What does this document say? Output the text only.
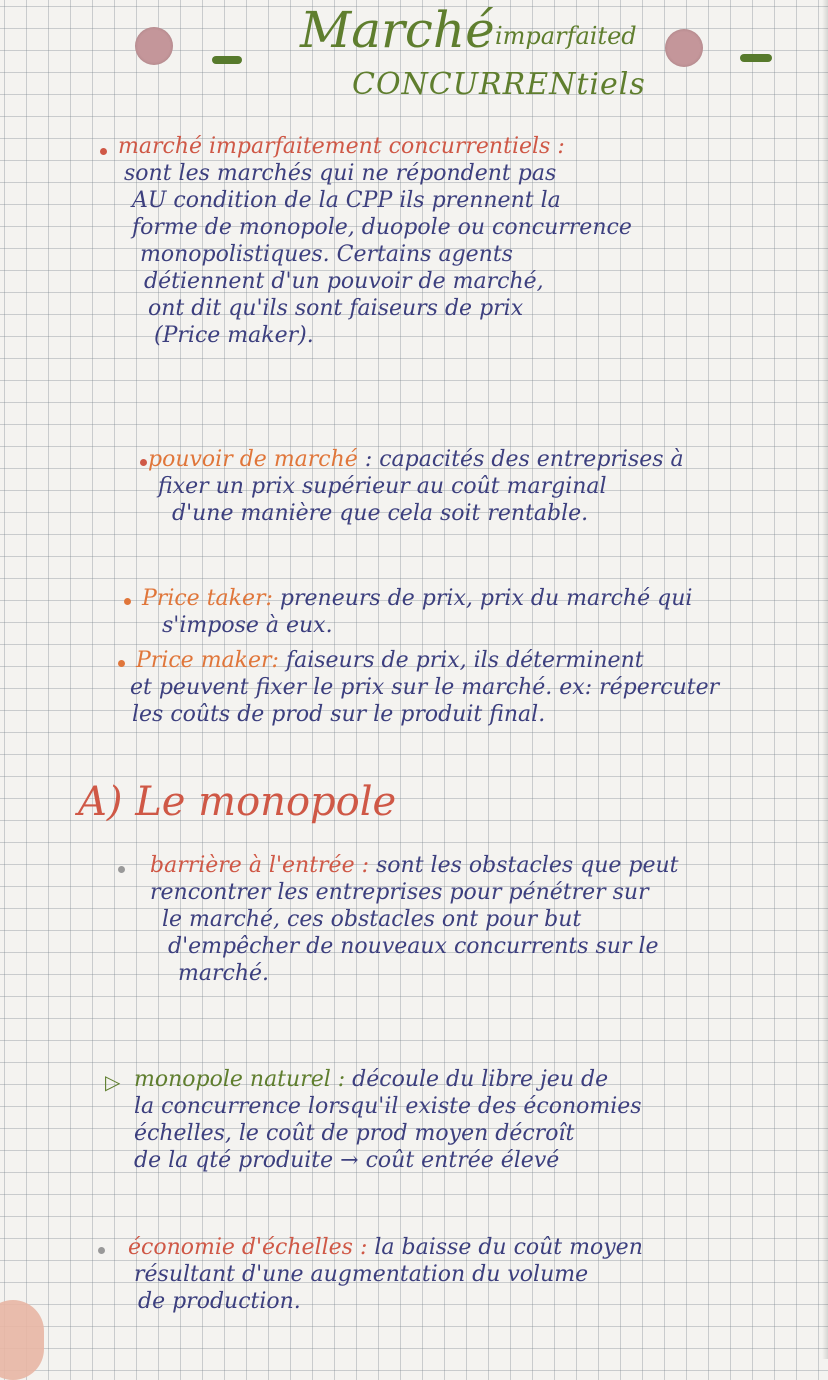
Marché imparfaited
CONCURRENtiels
marché imparfaitement concurrentiels :
sont les marchés qui ne répondent pas
AU condition de la CPP ils prennent la
forme de monopole, duopole ou concurrence
monopolistiques. Certains agents
détiennent d'un pouvoir de marché,
ont dit qu'ils sont faiseurs de prix
(Price maker).
pouvoir de marché : capacités des entreprises à
fixer un prix supérieur au coût marginal
d'une manière que cela soit rentable.
Price taker: preneurs de prix, prix du marché qui
s'impose à eux.
Price maker: faiseurs de prix, ils déterminent
et peuvent fixer le prix sur le marché. ex: répercuter
les coûts de prod sur le produit final.
A) Le monopole
barrière à l'entrée : sont les obstacles que peut
rencontrer les entreprises pour pénétrer sur
le marché, ces obstacles ont pour but
d'empêcher de nouveaux concurrents sur le
marché.
▷ monopole naturel : découle du libre jeu de
la concurrence lorsqu'il existe des économies
échelles, le coût de prod moyen décroît
de la qté produite → coût entrée élevé
économie d'échelles : la baisse du coût moyen
résultant d'une augmentation du volume
de production.
